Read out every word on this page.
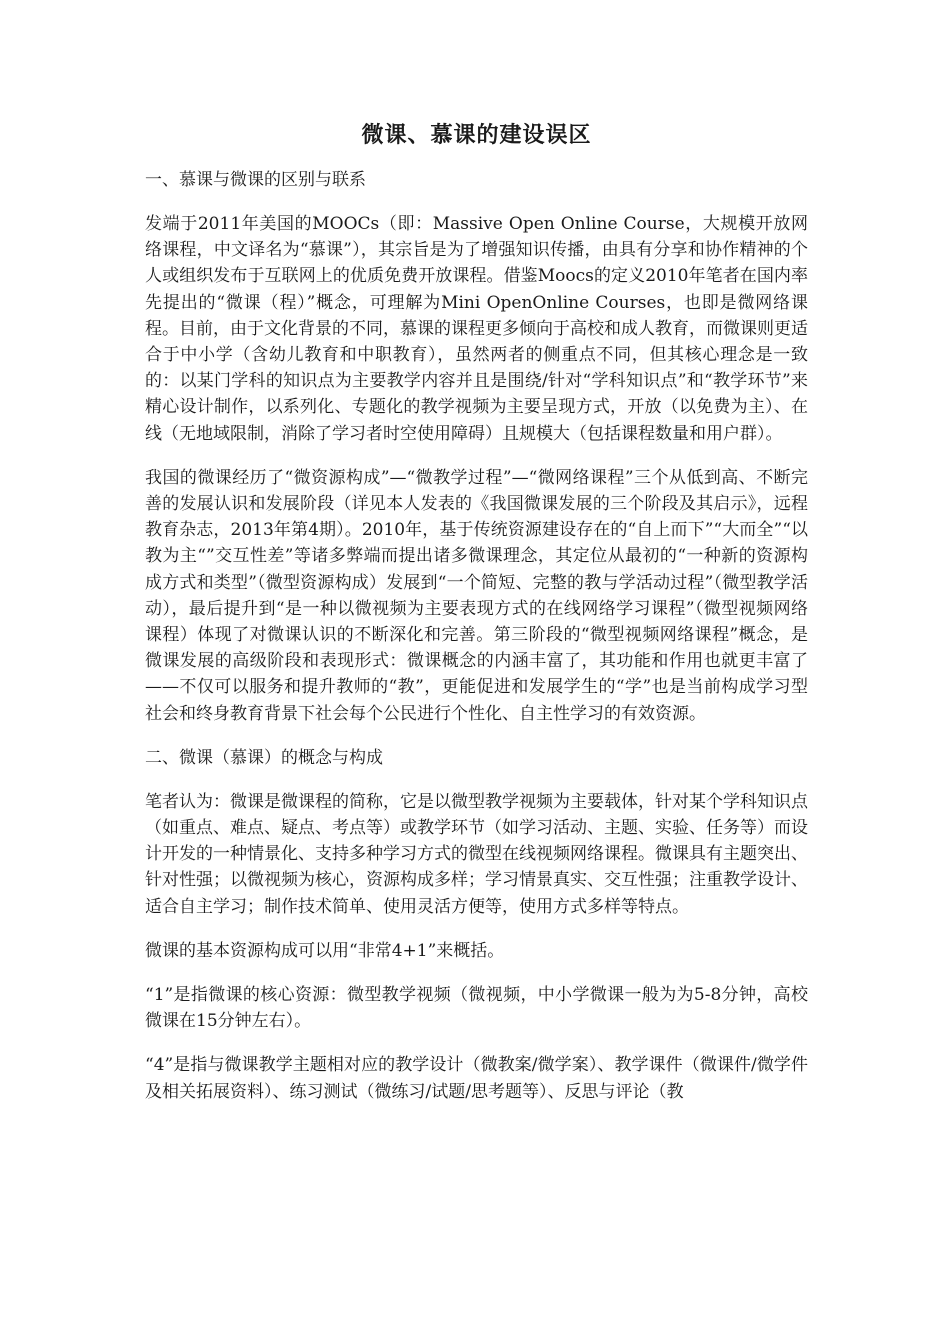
微课、慕课的建设误区
一、慕课与微课的区别与联系
发端于2011年美国的MOOCs（即：Massive Open Online Course，大规模开放网络课程，中文译名为“慕课”），其宗旨是为了增强知识传播，由具有分享和协作精神的个人或组织发布于互联网上的优质免费开放课程。借鉴Moocs的定义2010年笔者在国内率先提出的“微课（程）”概念，可理解为Mini OpenOnline Courses，也即是微网络课程。目前，由于文化背景的不同，慕课的课程更多倾向于高校和成人教育，而微课则更适合于中小学（含幼儿教育和中职教育），虽然两者的侧重点不同，但其核心理念是一致的：以某门学科的知识点为主要教学内容并且是围绕/针对“学科知识点”和“教学环节”来精心设计制作，以系列化、专题化的教学视频为主要呈现方式，开放（以免费为主）、在线（无地域限制，消除了学习者时空使用障碍）且规模大（包括课程数量和用户群）。
我国的微课经历了“微资源构成”—“微教学过程”—“微网络课程”三个从低到高、不断完善的发展认识和发展阶段（详见本人发表的《我国微课发展的三个阶段及其启示》，远程教育杂志，2013年第4期）。2010年，基于传统资源建设存在的“自上而下”“大而全”“以教为主“”交互性差”等诸多弊端而提出诸多微课理念，其定位从最初的“一种新的资源构成方式和类型”（微型资源构成）发展到“一个简短、完整的教与学活动过程”（微型教学活动），最后提升到“是一种以微视频为主要表现方式的在线网络学习课程”（微型视频网络课程）体现了对微课认识的不断深化和完善。第三阶段的“微型视频网络课程”概念，是微课发展的高级阶段和表现形式：微课概念的内涵丰富了，其功能和作用也就更丰富了——不仅可以服务和提升教师的“教”，更能促进和发展学生的“学”也是当前构成学习型社会和终身教育背景下社会每个公民进行个性化、自主性学习的有效资源。
二、微课（慕课）的概念与构成
笔者认为：微课是微课程的简称，它是以微型教学视频为主要载体，针对某个学科知识点（如重点、难点、疑点、考点等）或教学环节（如学习活动、主题、实验、任务等）而设计开发的一种情景化、支持多种学习方式的微型在线视频网络课程。微课具有主题突出、针对性强；以微视频为核心，资源构成多样；学习情景真实、交互性强；注重教学设计、适合自主学习；制作技术简单、使用灵活方便等，使用方式多样等特点。
微课的基本资源构成可以用“非常4+1”来概括。
“1”是指微课的核心资源：微型教学视频（微视频，中小学微课一般为为5-8分钟，高校微课在15分钟左右）。
“4”是指与微课教学主题相对应的教学设计（微教案/微学案）、教学课件（微课件/微学件及相关拓展资料）、练习测试（微练习/试题/思考题等）、反思与评论（教
